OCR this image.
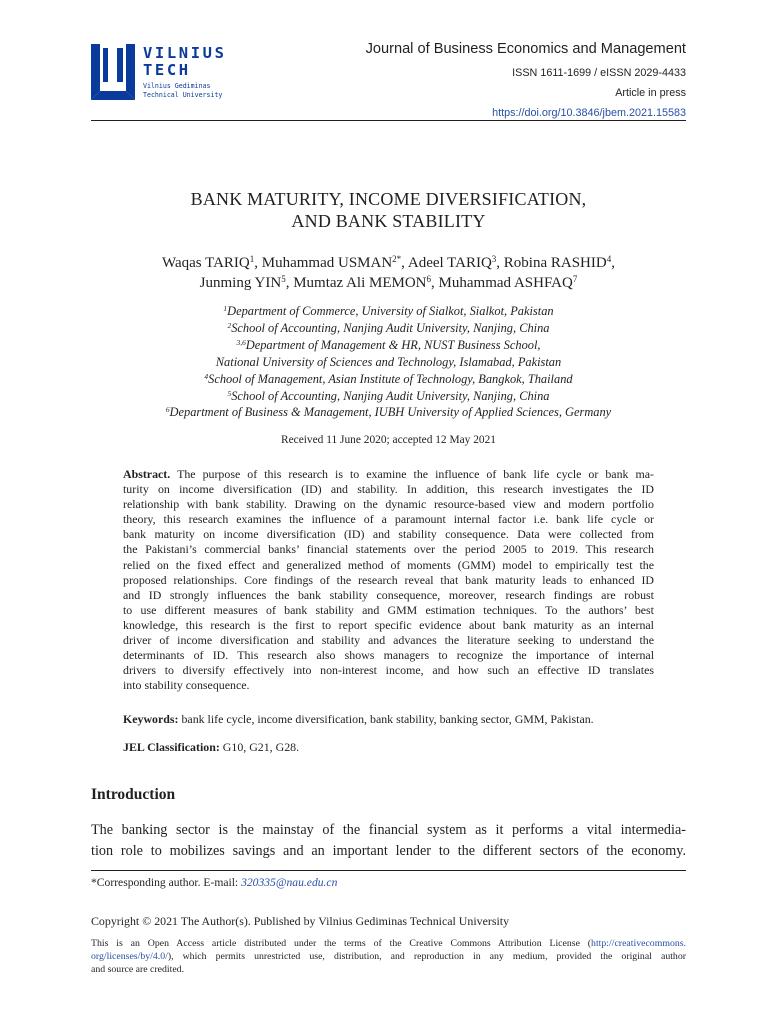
VILNIUS
TECH
Vilnius Gediminas
Technical University
Journal of Business Economics and Management
ISSN 1611-1699 / eISSN 2029-4433
Article in press
https://doi.org/10.3846/jbem.2021.15583
BANK MATURITY, INCOME DIVERSIFICATION,
AND BANK STABILITY
Waqas TARIQ$^1$, Muhammad $USMAN^{2*}$, Adeel TARIQ$^3$, Robina RASHID$^4$,
Junming YIN$^5$, Mumtaz Ali MEMON$^6$, Muhammad ASHFAQ$^7$
$^1$Department of Commerce, University of Sialkot, Sialkot, Pakistan
$^2$School of Accounting, Nanjing Audit University, Nanjing, China
$^{3,6}$Department of Management & HR, NUST Business School,
National University of Sciences and Technology, Islamabad, Pakistan
$^4$School of Management, Asian Institute of Technology, Bangkok, Thailand
$^5$School of Accounting, Nanjing Audit University, Nanjing, China
$^6$Department of Business & Management, IUBH University of Applied Sciences, Germany
Received 11 June 2020; accepted 12 May 2021
Abstract. The purpose of this research is to examine the influence of bank life cycle or bank ma-
turity on income diversification (ID) and stability. In addition, this research investigates the ID
relationship with bank stability. Drawing on the dynamic resource-based view and modern portfolio
theory, this research examines the influence of a paramount internal factor i.e. bank life cycle or
bank maturity on income diversification (ID) and stability consequence. Data were collected from
the Pakistani’s commercial banks’ financial statements over the period 2005 to 2019. This research
relied on the fixed effect and generalized method of moments (GMM) model to empirically test the
proposed relationships. Core findings of the research reveal that bank maturity leads to enhanced ID
and ID strongly influences the bank stability consequence, moreover, research findings are robust
to use different measures of bank stability and GMM estimation techniques. To the authors’ best
knowledge, this research is the first to report specific evidence about bank maturity as an internal
driver of income diversification and stability and advances the literature seeking to understand the
determinants of ID. This research also shows managers to recognize the importance of internal
drivers to diversify effectively into non-interest income, and how such an effective ID translates
into stability consequence.
Keywords: bank life cycle, income diversification, bank stability, banking sector, GMM, Pakistan.
JEL Classification: G10, G21, G28.
Introduction
The banking sector is the mainstay of the financial system as it performs a vital intermedia-
tion role to mobilizes savings and an important lender to the different sectors of the economy.
*Corresponding author. E-mail: 320335@nau.edu.cn
Copyright © 2021 The Author(s). Published by Vilnius Gediminas Technical University
This is an Open Access article distributed under the terms of the Creative Commons Attribution License (http://creativecommons.
org/licenses/by/4.0/), which permits unrestricted use, distribution, and reproduction in any medium, provided the original author
and source are credited.
